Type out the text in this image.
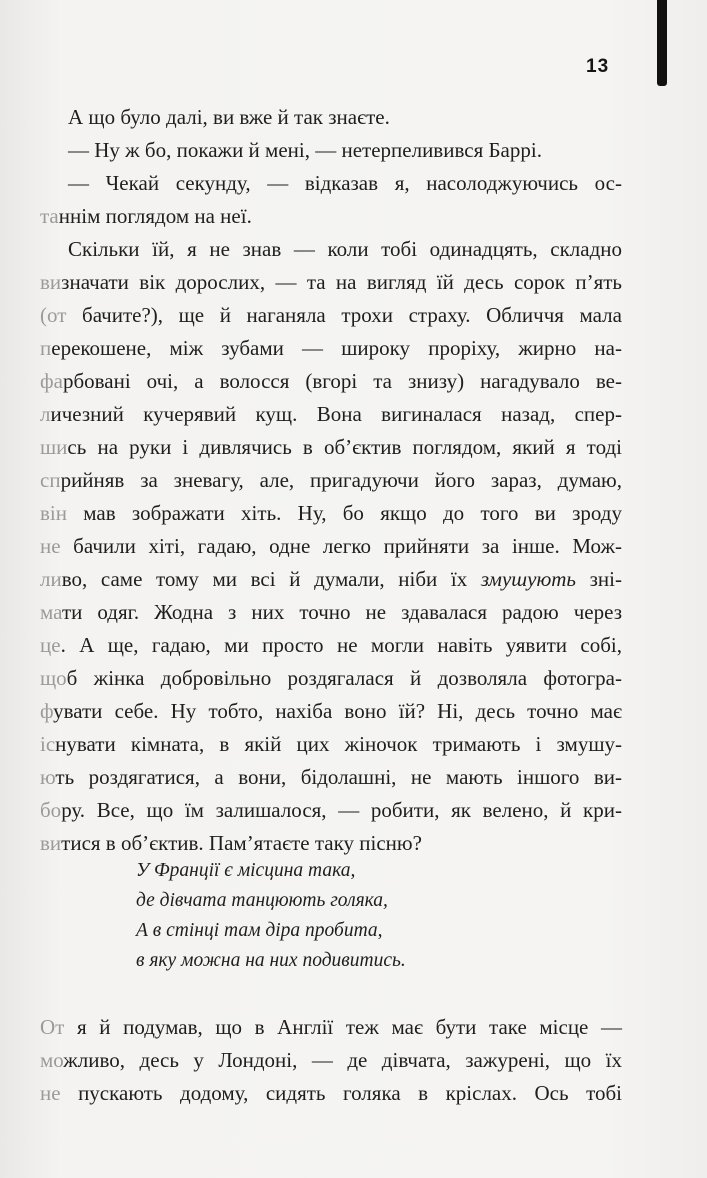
13
А що було далі, ви вже й так знаєте.
— Ну ж бо, покажи й мені, — нетерпеливився Баррі.
— Чекай секунду, — відказав я, насолоджуючись ос-
таннім поглядом на неї.
Скільки їй, я не знав — коли тобі одинадцять, складно
визначати вік дорослих, — та на вигляд їй десь сорок п’ять
(от бачите?), ще й наганяла трохи страху. Обличчя мала
перекошене, між зубами — широку проріху, жирно на-
фарбовані очі, а волосся (вгорі та знизу) нагадувало ве-
личезний кучерявий кущ. Вона вигиналася назад, спер-
шись на руки і дивлячись в об’єктив поглядом, який я тоді
сприйняв за зневагу, але, пригадуючи його зараз, думаю,
він мав зображати хіть. Ну, бо якщо до того ви зроду
не бачили хіті, гадаю, одне легко прийняти за інше. Мож-
ливо, саме тому ми всі й думали, ніби їх змушують зні-
мати одяг. Жодна з них точно не здавалася радою через
це. А ще, гадаю, ми просто не могли навіть уявити собі,
щоб жінка добровільно роздягалася й дозволяла фотогра-
фувати себе. Ну тобто, нахіба воно їй? Ні, десь точно має
існувати кімната, в якій цих жіночок тримають і змушу-
ють роздягатися, а вони, бідолашні, не мають іншого ви-
бору. Все, що їм залишалося, — робити, як велено, й кри-
витися в об’єктив. Пам’ятаєте таку пісню?
У Франції є місцина така,
де дівчата танцюють голяка,
А в стінці там діра пробита,
в яку можна на них подивитись.
От я й подумав, що в Англії теж має бути таке місце —
можливо, десь у Лондоні, — де дівчата, зажурені, що їх
не пускають додому, сидять голяка в кріслах. Ось тобі
